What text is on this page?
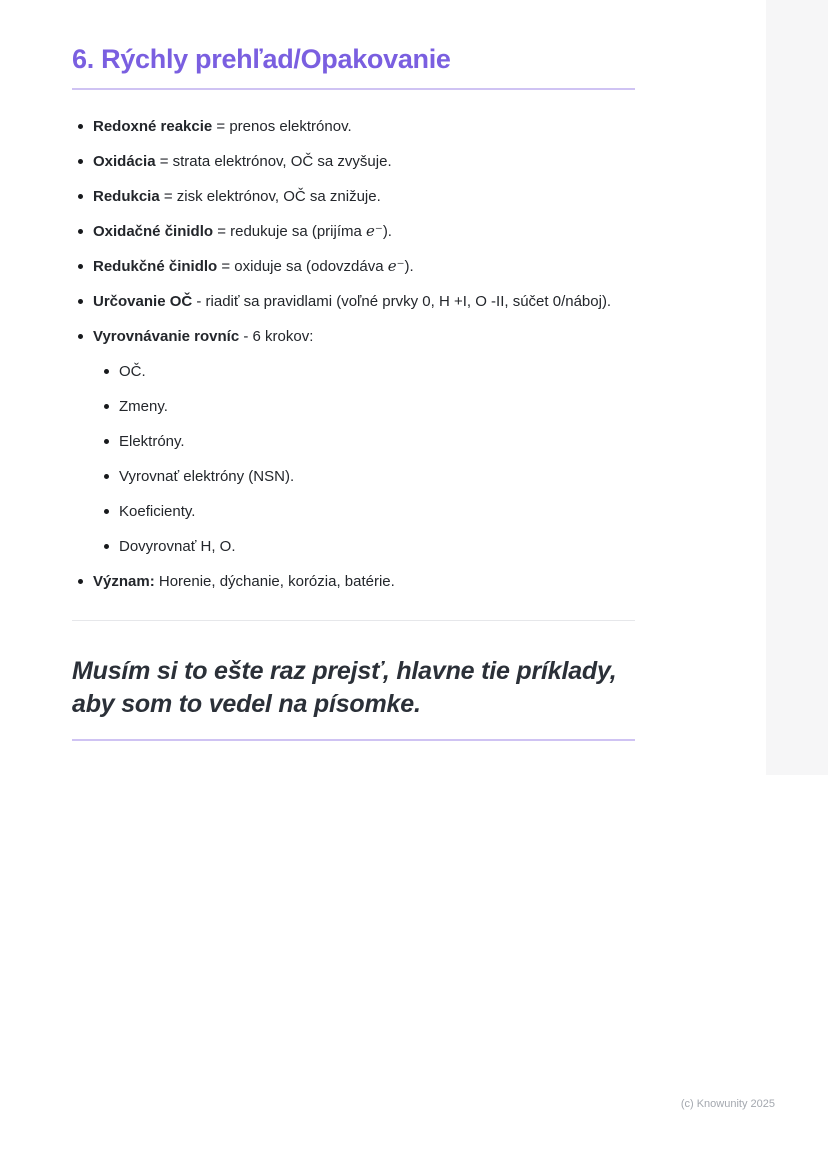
6. Rýchly prehľad/Opakovanie
Redoxné reakcie = prenos elektrónov.
Oxidácia = strata elektrónov, OČ sa zvyšuje.
Redukcia = zisk elektrónov, OČ sa znižuje.
Oxidačné činidlo = redukuje sa (prijíma e⁻).
Redukčné činidlo = oxiduje sa (odovzdáva e⁻).
Určovanie OČ - riadiť sa pravidlami (voľné prvky 0, H +I, O -II, súčet 0/náboj).
Vyrovnávanie rovníc - 6 krokov:
OČ.
Zmeny.
Elektróny.
Vyrovnať elektróny (NSN).
Koeficienty.
Dovyrovnať H, O.
Význam: Horenie, dýchanie, korózia, batérie.
Musím si to ešte raz prejsť, hlavne tie príklady, aby som to vedel na písomke.
(c) Knowunity 2025
